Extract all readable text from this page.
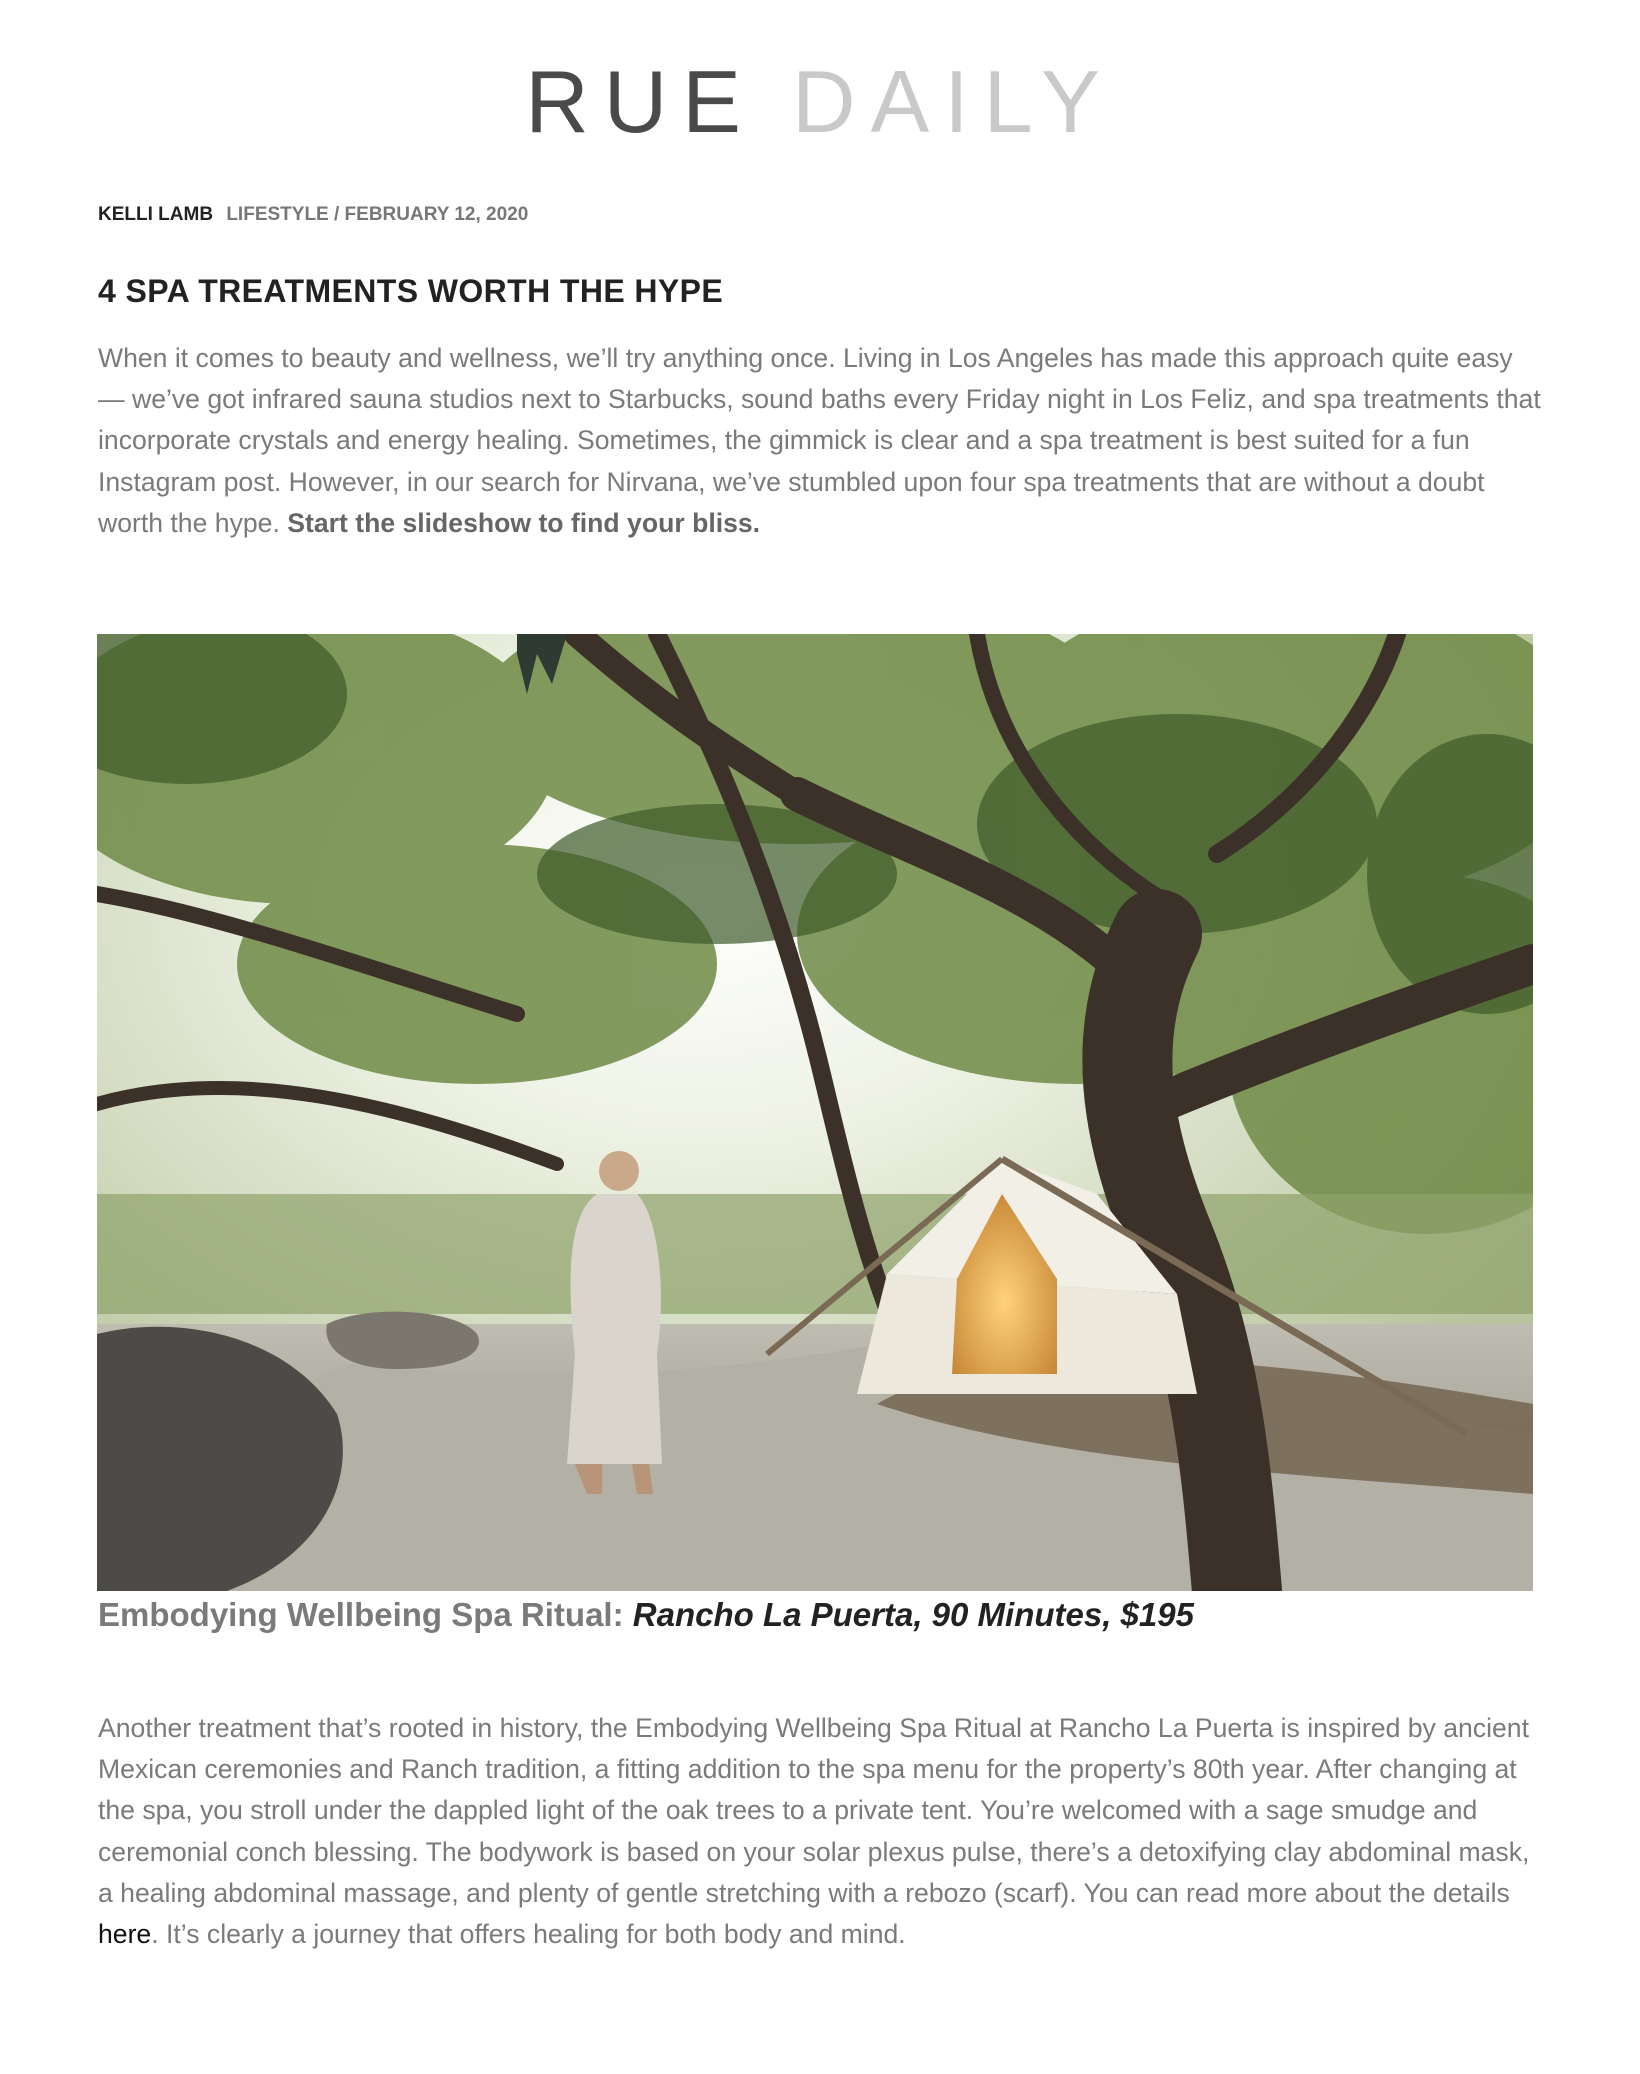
RUE DAILY
KELLI LAMB LIFESTYLE / FEBRUARY 12, 2020
4 SPA TREATMENTS WORTH THE HYPE

When it comes to beauty and wellness, we’ll try anything once. Living in Los Angeles has made this approach quite easy — we’ve got infrared sauna studios next to Starbucks, sound baths every Friday night in Los Feliz, and spa treatments that incorporate crystals and energy healing. Sometimes, the gimmick is clear and a spa treatment is best suited for a fun Instagram post. However, in our search for Nirvana, we’ve stumbled upon four spa treatments that are without a doubt worth the hype. Start the slideshow to find your bliss.

Embodying Wellbeing Spa Ritual: Rancho La Puerta, 90 Minutes, $195

Another treatment that’s rooted in history, the Embodying Wellbeing Spa Ritual at Rancho La Puerta is inspired by ancient Mexican ceremonies and Ranch tradition, a fitting addition to the spa menu for the property’s 80th year. After changing at the spa, you stroll under the dappled light of the oak trees to a private tent. You’re welcomed with a sage smudge and ceremonial conch blessing. The bodywork is based on your solar plexus pulse, there’s a detoxifying clay abdominal mask, a healing abdominal massage, and plenty of gentle stretching with a rebozo (scarf). You can read more about the details here. It’s clearly a journey that offers healing for both body and mind.
